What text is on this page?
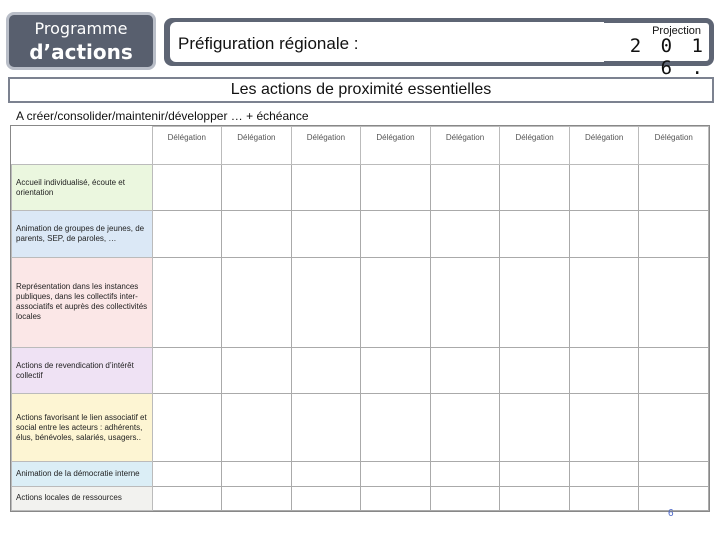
Programme
d’actions	Préfiguration régionale :
Projection
2 0 1 6 .
Les actions de proximité essentielles
A créer/consolider/maintenir/développer … + échéance
	Délégation	Délégation	Délégation	Délégation	Délégation	Délégation	Délégation	Délégation
Accueil individualisé, écoute et orientation								
Animation de groupes de jeunes, de parents, SEP, de paroles, …								
Représentation dans les instances publiques, dans les collectifs inter-associatifs et auprès des collectivités locales								
Actions de revendication d’intérêt collectif								
Actions favorisant le lien associatif et social entre les acteurs : adhérents, élus, bénévoles, salariés, usagers..								
Animation de la démocratie interne								
Actions locales de ressources								
6
